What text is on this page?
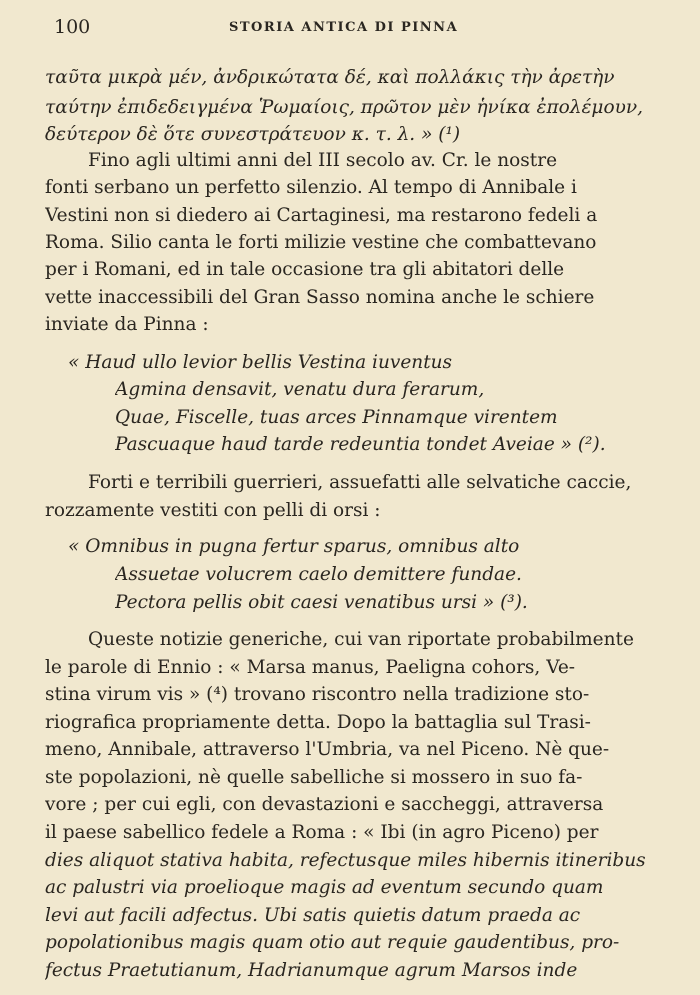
100	STORIA ANTICA DI PINNA
ταῦτα μικρὰ μέν, ἀνδρικώτατα δέ, καὶ πολλάκις τὴν ἀρετὴν
ταύτην ἐπιδεδειγμένα Ῥωμαίοις, πρῶτον μὲν ἡνίκα ἐπολέμουν,
δεύτερον δὲ ὅτε συνεστράτευον κ. τ. λ. » (¹)
Fino agli ultimi anni del III secolo av. Cr. le nostre
fonti serbano un perfetto silenzio. Al tempo di Annibale i
Vestini non si diedero ai Cartaginesi, ma restarono fedeli a
Roma. Silio canta le forti milizie vestine che combattevano
per i Romani, ed in tale occasione tra gli abitatori delle
vette inaccessibili del Gran Sasso nomina anche le schiere
inviate da Pinna :
« Haud ullo levior bellis Vestina iuventus
Agmina densavit, venatu dura ferarum,
Quae, Fiscelle, tuas arces Pinnamque virentem
Pascuaque haud tarde redeuntia tondet Aveiae » (²).
Forti e terribili guerrieri, assuefatti alle selvatiche caccie,
rozzamente vestiti con pelli di orsi :
« Omnibus in pugna fertur sparus, omnibus alto
Assuetae volucrem caelo demittere fundae.
Pectora pellis obit caesi venatibus ursi » (³).
Queste notizie generiche, cui van riportate probabilmente
le parole di Ennio : « Marsa manus, Paeligna cohors, Ve-
stina virum vis » (⁴) trovano riscontro nella tradizione sto-
riografica propriamente detta. Dopo la battaglia sul Trasi-
meno, Annibale, attraverso l'Umbria, va nel Piceno. Nè que-
ste popolazioni, nè quelle sabelliche si mossero in suo fa-
vore ; per cui egli, con devastazioni e saccheggi, attraversa
il paese sabellico fedele a Roma : « Ibi (in agro Piceno) per
dies aliquot stativa habita, refectusque miles hibernis itineribus
ac palustri via proelioque magis ad eventum secundo quam
levi aut facili adfectus. Ubi satis quietis datum praeda ac
popolationibus magis quam otio aut requie gaudentibus, pro-
fectus Praetutianum, Hadrianumque agrum Marsos inde
